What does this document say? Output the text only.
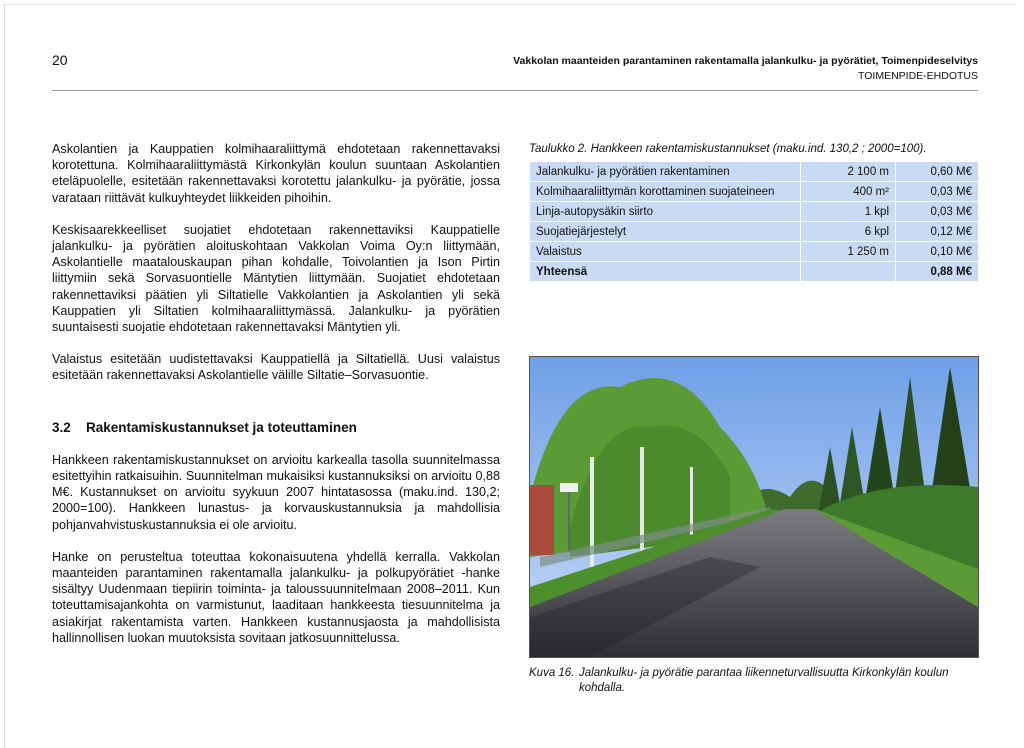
20	Vakkolan maanteiden parantaminen rakentamalla jalankulku- ja pyörätiet, Toimenpideselvitys
TOIMENPIDE-EHDOTUS

Askolantien ja Kauppatien kolmihaaraliittymä ehdotetaan rakennettavaksi korotettuna. Kolmihaaraliittymästä Kirkonkylän koulun suuntaan Askolantien eteläpuolelle, esitetään rakennettavaksi korotettu jalankulku- ja pyörätie, jossa varataan riittävät kulkuyhteydet liikkeiden pihoihin.

Keskisaarekkeelliset suojatiet ehdotetaan rakennettaviksi Kauppatielle jalankulku- ja pyörätien aloituskohtaan Vakkolan Voima Oy:n liittymään, Askolantielle maatalouskaupan pihan kohdalle, Toivolantien ja Ison Pirtin liittymiin sekä Sorvasuontielle Mäntytien liittymään. Suojatiet ehdotetaan rakennettaviksi päätien yli Siltatielle Vakkolantien ja Askolantien yli sekä Kauppatien yli Siltatien kolmihaaraliittymässä. Jalankulku- ja pyörätien suuntaisesti suojatie ehdotetaan rakennettavaksi Mäntytien yli.

Valaistus esitetään uudistettavaksi Kauppatiellä ja Siltatiellä. Uusi valaistus esitetään rakennettavaksi Askolantielle välille Siltatie–Sorvasuontie.

3.2 Rakentamiskustannukset ja toteuttaminen

Hankkeen rakentamiskustannukset on arvioitu karkealla tasolla suunnitelmassa esitettyihin ratkaisuihin. Suunnitelman mukaisiksi kustannuksiksi on arvioitu 0,88 M€. Kustannukset on arvioitu syykuun 2007 hintatasossa (maku.ind. 130,2; 2000=100). Hankkeen lunastus- ja korvauskustannuksia ja mahdollisia pohjanvahvistuskustannuksia ei ole arvioitu.

Hanke on perusteltua toteuttaa kokonaisuutena yhdellä kerralla. Vakkolan maanteiden parantaminen rakentamalla jalankulku- ja polkupyörätiet -hanke sisältyy Uudenmaan tiepiirin toiminta- ja taloussuunnitelmaan 2008–2011. Kun toteuttamisajankohta on varmistunut, laaditaan hankkeesta tiesuunnitelma ja asiakirjat rakentamista varten. Hankkeen kustannusjaosta ja mahdollisista hallinnollisen luokan muutoksista sovitaan jatkosuunnittelussa.

Taulukko 2. Hankkeen rakentamiskustannukset (maku.ind. 130,2 ; 2000=100).
Jalankulku- ja pyörätien rakentaminen	2 100 m	0,60 M€
Kolmihaaraliittymän korottaminen suojateineen	400 m²	0,03 M€
Linja-autopysäkin siirto	1 kpl	0,03 M€
Suojatiejärjestelyt	6 kpl	0,12 M€
Valaistus	1 250 m	0,10 M€
Yhteensä		0,88 M€
Kuva 16. Jalankulku- ja pyörätie parantaa liikenneturvallisuutta Kirkonkylän koulun kohdalla.
